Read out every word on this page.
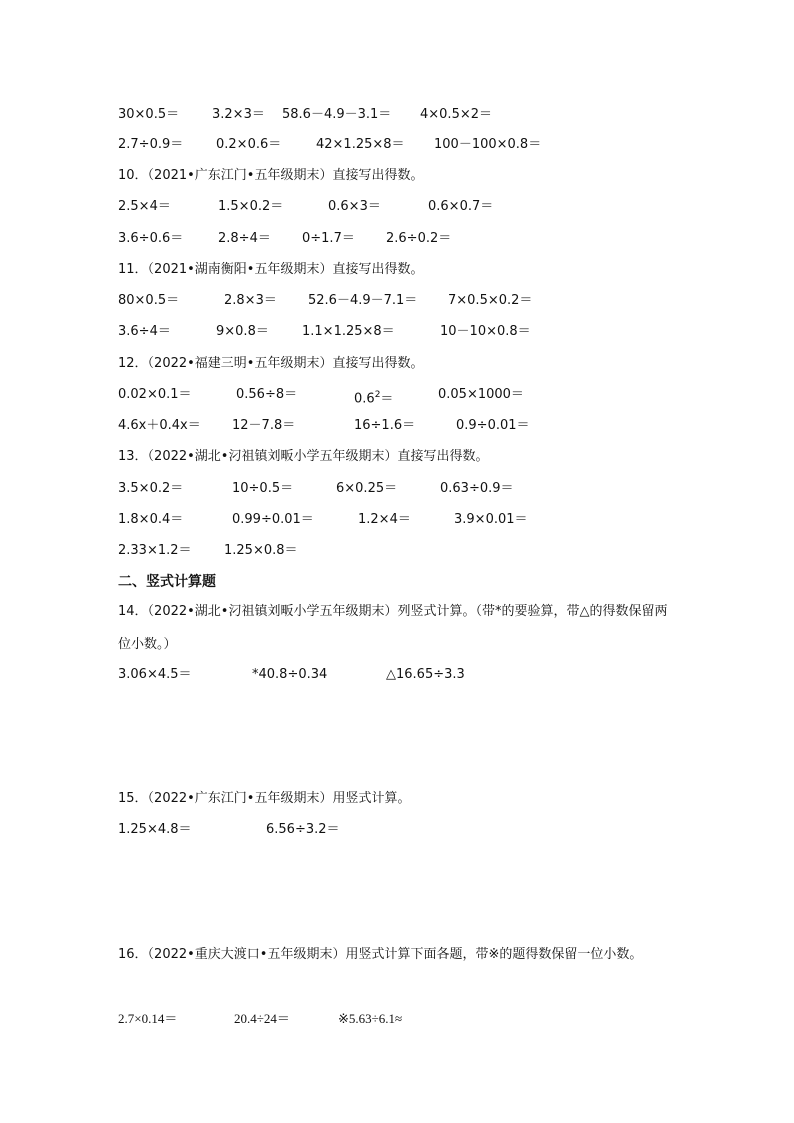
30×0.5＝	3.2×3＝ 58.6－4.9－3.1＝ 4×0.5×2＝
2.7÷0.9＝	0.2×0.6＝	42×1.25×8＝ 100－100×0.8＝
10．（2021•广东江门•五年级期末）直接写出得数。
2.5×4＝	1.5×0.2＝	0.6×3＝	0.6×0.7＝
3.6÷0.6＝	2.8÷4＝ 0÷1.7＝ 2.6÷0.2＝
11．（2021•湖南衡阳•五年级期末）直接写出得数。
80×0.5＝	2.8×3＝ 52.6－4.9－7.1＝ 7×0.5×0.2＝
3.6÷4＝	9×0.8＝	1.1×1.25×8＝	10－10×0.8＝
12．（2022•福建三明•五年级期末）直接写出得数。
0.02×0.1＝	0.56÷8＝	$0.6^2=$	0.05×1000＝
4.6x＋0.4x＝ 12－7.8＝	16÷1.6＝	0.9÷0.01＝
13．（2022•湖北•汈祖镇刘畈小学五年级期末）直接写出得数。
3.5×0.2＝	10÷0.5＝	6×0.25＝	0.63÷0.9＝
1.8×0.4＝	0.99÷0.01＝	1.2×4＝	3.9×0.01＝
2.33×1.2＝ 1.25×0.8＝
二、竖式计算题
14．（2022•湖北•汈祖镇刘畈小学五年级期末）列竖式计算。（带*的要验算，带△的得数保留两位小数。）
3.06×4.5＝	*40.8÷0.34	△16.65÷3.3
15．（2022•广东江门•五年级期末）用竖式计算。
1.25×4.8＝	6.56÷3.2＝
16．（2022•重庆大渡口•五年级期末）用竖式计算下面各题，带※的题得数保留一位小数。
2.7×0.14＝	20.4÷24＝	※5.63÷6.1≈
